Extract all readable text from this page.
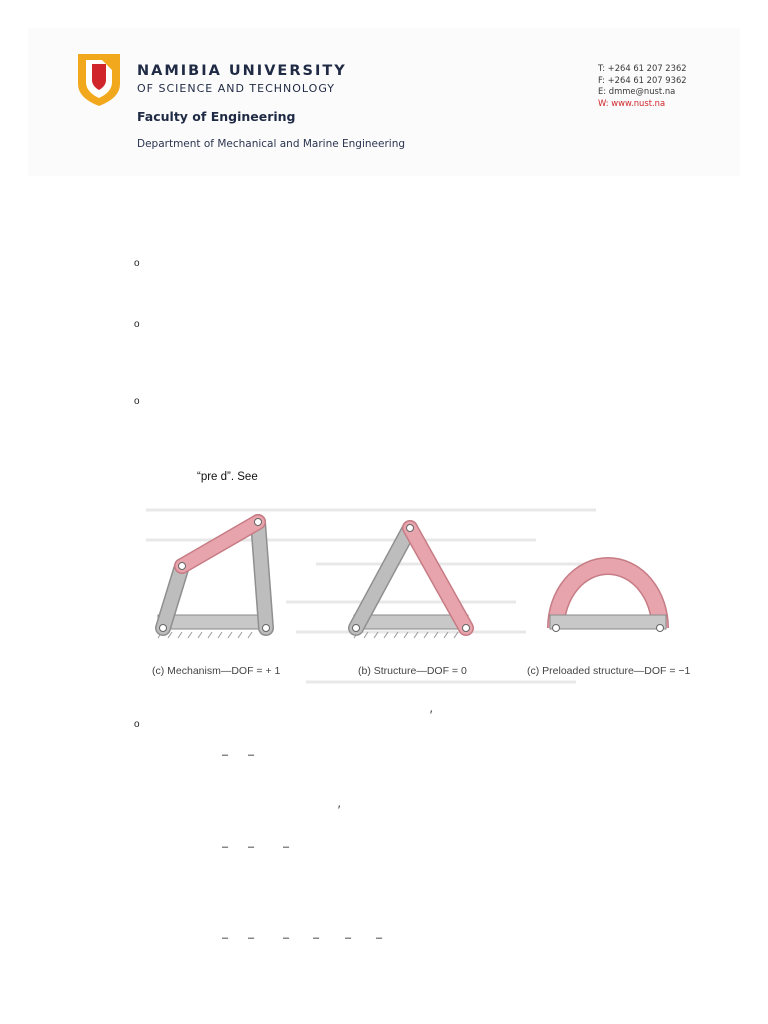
NAMIBIA UNIVERSITY
OF SCIENCE AND TECHNOLOGY
Faculty of Engineering
Department of Mechanical and Marine Engineering
T: +264 61 207 2362
F: +264 61 207 9362
E: dmme@nust.na
W: www.nust.na
o
o
o
o
“pre d”. See
(c) Mechanism—DOF = + 1	(b) Structure—DOF = 0	(c) Preloaded structure—DOF = −1
′
– –
′
– –	–
– –	– – – –
